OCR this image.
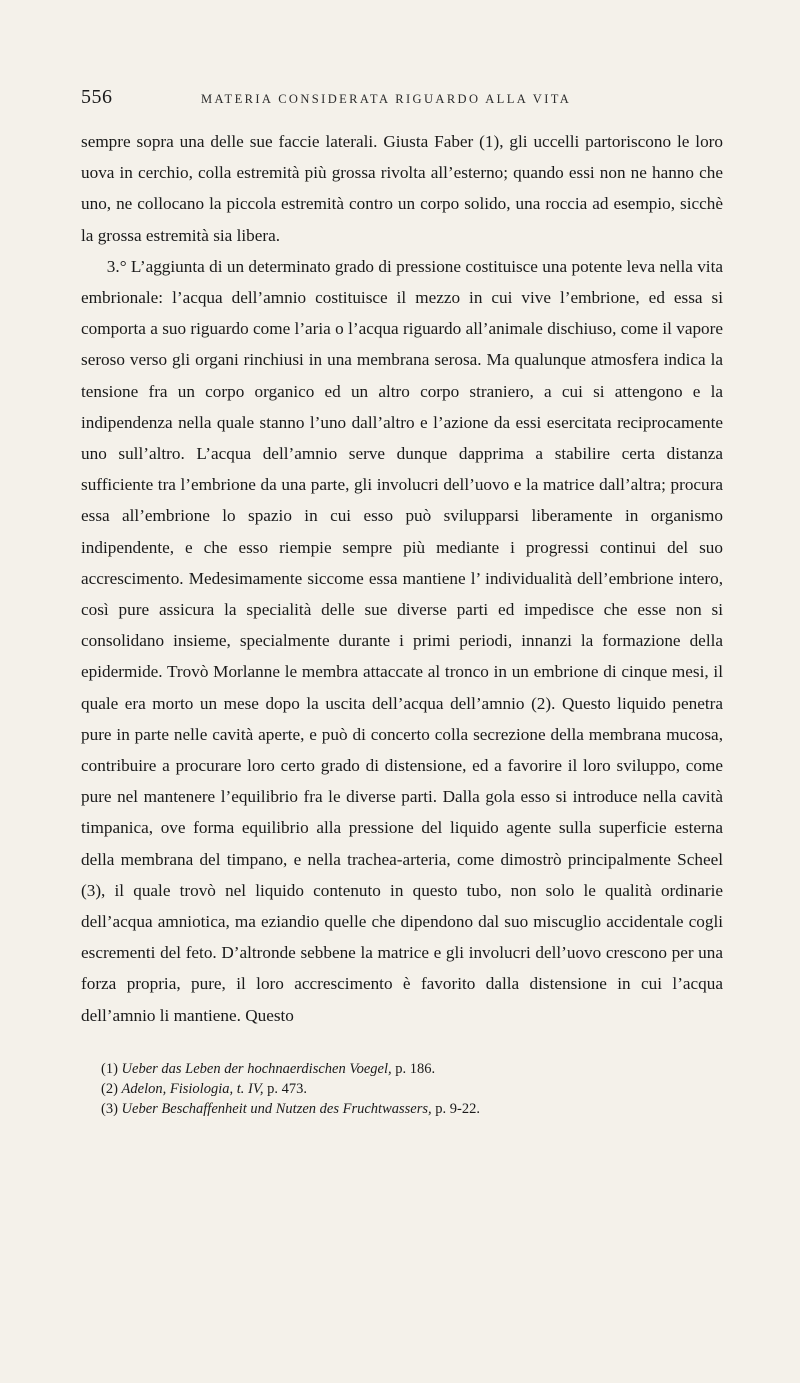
556	MATERIA CONSIDERATA RIGUARDO ALLA VITA

sempre sopra una delle sue faccie laterali. Giusta Faber (1), gli uccelli partoriscono le loro uova in cerchio, colla estremità più grossa rivolta all’esterno; quando essi non ne hanno che uno, ne collocano la piccola estremità contro un corpo solido, una roccia ad esempio, sicchè la grossa estremità sia libera.

3.° L’aggiunta di un determinato grado di pressione costituisce una potente leva nella vita embrionale: l’acqua dell’amnio costituisce il mezzo in cui vive l’embrione, ed essa si comporta a suo riguardo come l’aria o l’acqua riguardo all’animale dischiuso, come il vapore seroso verso gli organi rinchiusi in una membrana serosa. Ma qualunque atmosfera indica la tensione fra un corpo organico ed un altro corpo straniero, a cui si attengono e la indipendenza nella quale stanno l’uno dall’altro e l’azione da essi esercitata reciprocamente uno sull’altro. L’acqua dell’amnio serve dunque dapprima a stabilire certa distanza sufficiente tra l’embrione da una parte, gli involucri dell’uovo e la matrice dall’altra; procura essa all’embrione lo spazio in cui esso può svilupparsi liberamente in organismo indipendente, e che esso riempie sempre più mediante i progressi continui del suo accrescimento. Medesimamente siccome essa mantiene l’ individualità dell’embrione intero, così pure assicura la specialità delle sue diverse parti ed impedisce che esse non si consolidano insieme, specialmente durante i primi periodi, innanzi la formazione della epidermide. Trovò Morlanne le membra attaccate al tronco in un embrione di cinque mesi, il quale era morto un mese dopo la uscita dell’acqua dell’amnio (2). Questo liquido penetra pure in parte nelle cavità aperte, e può di concerto colla secrezione della membrana mucosa, contribuire a procurare loro certo grado di distensione, ed a favorire il loro sviluppo, come pure nel mantenere l’equilibrio fra le diverse parti. Dalla gola esso si introduce nella cavità timpanica, ove forma equilibrio alla pressione del liquido agente sulla superficie esterna della membrana del timpano, e nella trachea-arteria, come dimostrò principalmente Scheel (3), il quale trovò nel liquido contenuto in questo tubo, non solo le qualità ordinarie dell’acqua amniotica, ma eziandio quelle che dipendono dal suo miscuglio accidentale cogli escrementi del feto. D’altronde sebbene la matrice e gli involucri dell’uovo crescono per una forza propria, pure, il loro accrescimento è favorito dalla distensione in cui l’acqua dell’amnio li mantiene. Questo

(1) Ueber das Leben der hochnaerdischen Voegel, p. 186.

(2) Adelon, Fisiologia, t. IV, p. 473.

(3) Ueber Beschaffenheit und Nutzen des Fruchtwassers, p. 9-22.
